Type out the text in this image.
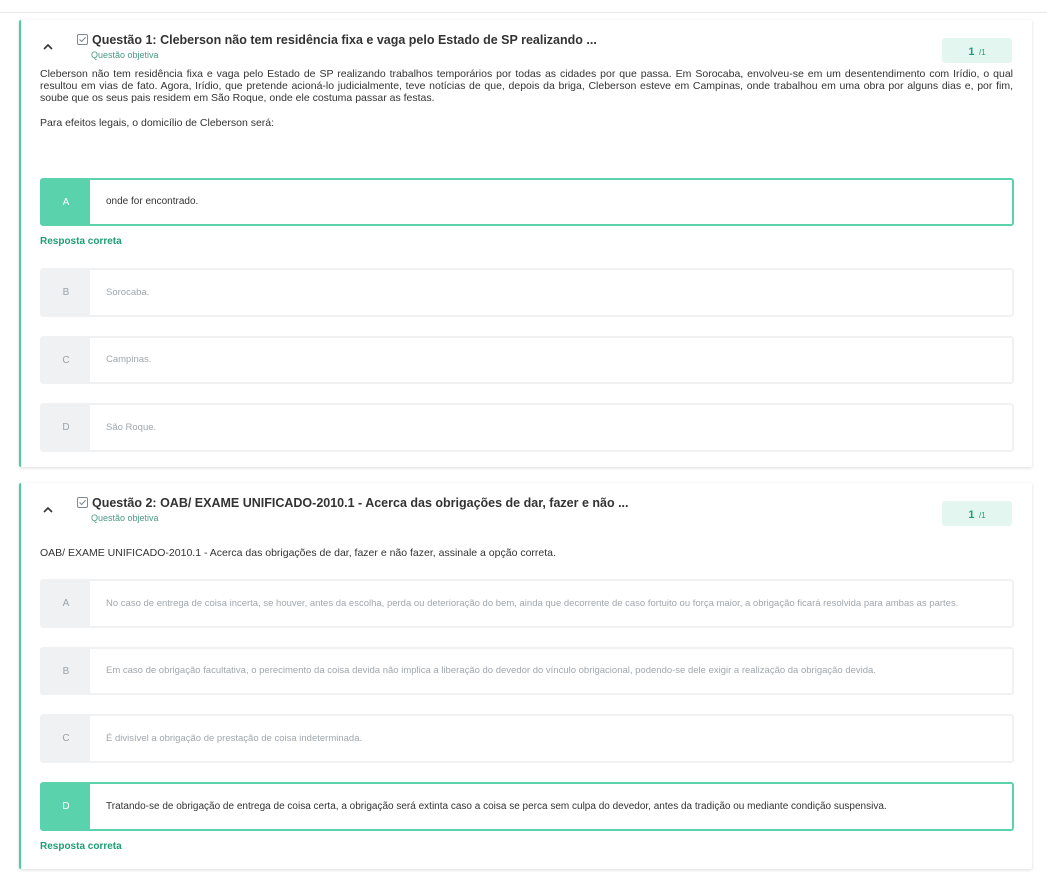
Questão 1: Cleberson não tem residência fixa e vaga pelo Estado de SP realizando ...
Questão objetiva	1 /1

Cleberson não tem residência fixa e vaga pelo Estado de SP realizando trabalhos temporários por todas as cidades por que passa. Em Sorocaba, envolveu-se em um desentendimento com Irídio, o qual resultou em vias de fato. Agora, Irídio, que pretende acioná-lo judicialmente, teve notícias de que, depois da briga, Cleberson esteve em Campinas, onde trabalhou em uma obra por alguns dias e, por fim, soube que os seus pais residem em São Roque, onde ele costuma passar as festas.

Para efeitos legais, o domicílio de Cleberson será:

A	onde for encontrado.
Resposta correta
B	Sorocaba.
C	Campinas.
D	São Roque.
Questão 2: OAB/ EXAME UNIFICADO-2010.1 - Acerca das obrigações de dar, fazer e não ...
Questão objetiva	1 /1

OAB/ EXAME UNIFICADO-2010.1 - Acerca das obrigações de dar, fazer e não fazer, assinale a opção correta.

A	No caso de entrega de coisa incerta, se houver, antes da escolha, perda ou deterioração do bem, ainda que decorrente de caso fortuito ou força maior, a obrigação ficará resolvida para ambas as partes.
B	Em caso de obrigação facultativa, o perecimento da coisa devida não implica a liberação do devedor do vínculo obrigacional, podendo-se dele exigir a realização da obrigação devida.
C	É divisível a obrigação de prestação de coisa indeterminada.
D	Tratando-se de obrigação de entrega de coisa certa, a obrigação será extinta caso a coisa se perca sem culpa do devedor, antes da tradição ou mediante condição suspensiva.
Resposta correta
